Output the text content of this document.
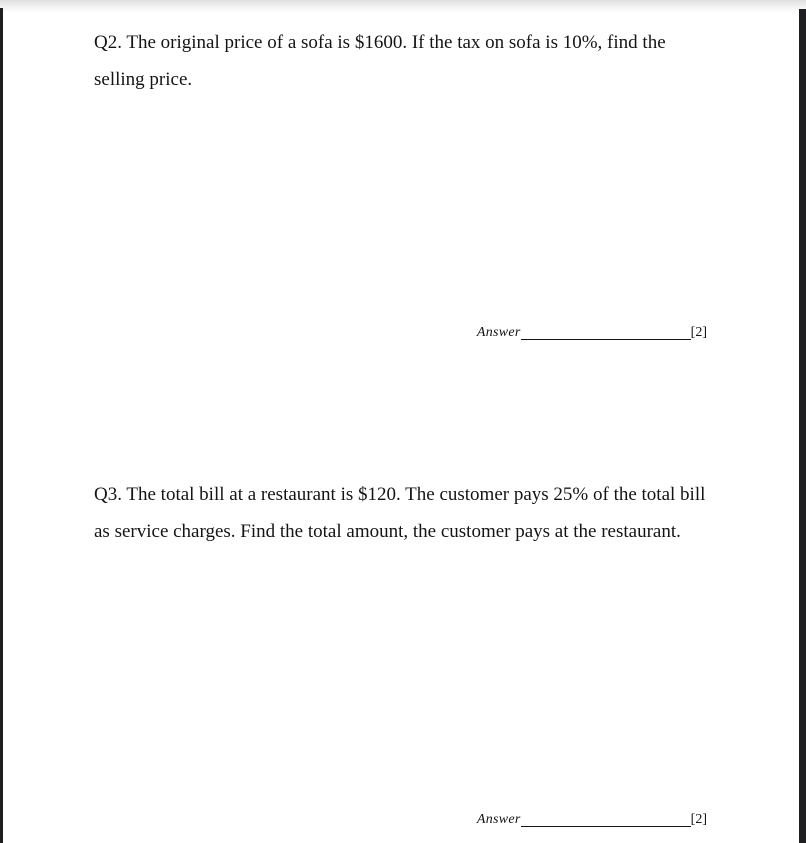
Q2. The original price of a sofa is $1600. If the tax on sofa is 10%, find the selling price.

Answer	[2]

Q3. The total bill at a restaurant is $120. The customer pays 25% of the total bill as service charges. Find the total amount, the customer pays at the restaurant.

Answer	[2]
